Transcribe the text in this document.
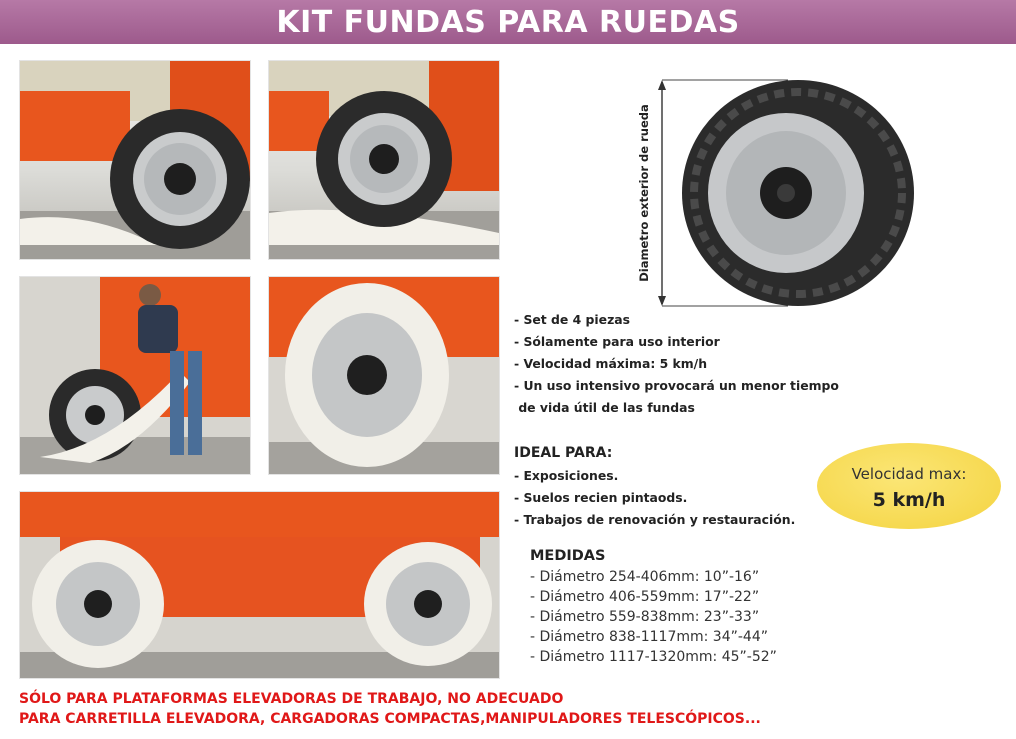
KIT FUNDAS PARA RUEDAS
Diametro exterior de rueda
- Set de 4 piezas
- Sólamente para uso interior
- Velocidad máxima: 5 km/h
- Un uso intensivo provocará un menor tiempo
de vida útil de las fundas
IDEAL PARA:
- Exposiciones.
- Suelos recien pintaods.
- Trabajos de renovación y restauración.
Velocidad max:
5 km/h
MEDIDAS
- Diámetro 254-406mm: 10”-16”
- Diámetro 406-559mm: 17”-22”
- Diámetro 559-838mm: 23”-33”
- Diámetro 838-1117mm: 34”-44”
- Diámetro 1117-1320mm: 45”-52”
SÓLO PARA PLATAFORMAS ELEVADORAS DE TRABAJO, NO ADECUADO
PARA CARRETILLA ELEVADORA, CARGADORAS COMPACTAS,MANIPULADORES TELESCÓPICOS...
